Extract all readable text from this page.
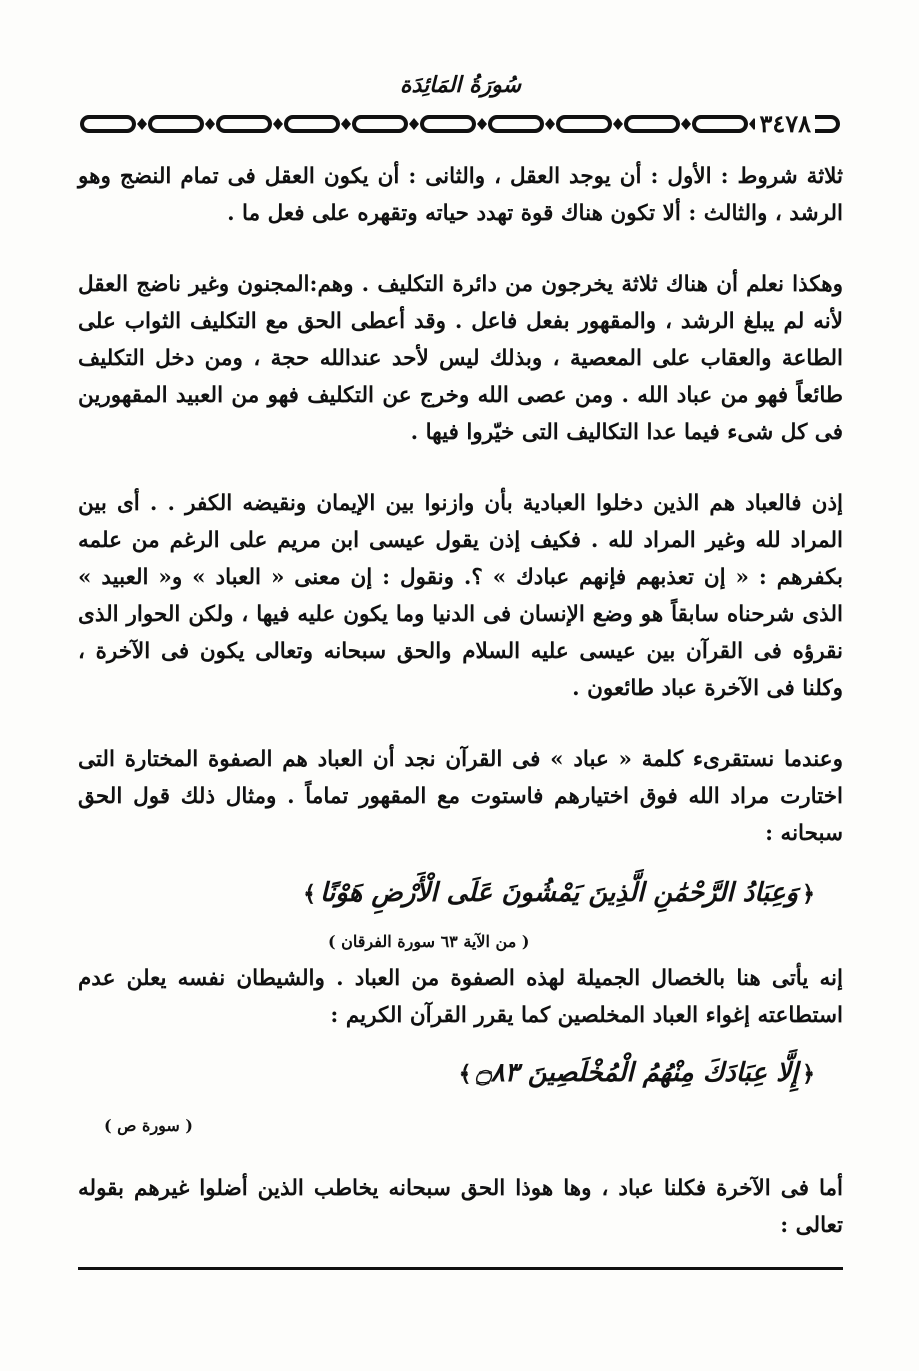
سُورَةُ المَائِدَة
٣٤٧٨

ثلاثة شروط : الأول : أن يوجد العقل ، والثانى : أن يكون العقل فى تمام النضج وهو الرشد ، والثالث : ألا تكون هناك قوة تهدد حياته وتقهره على فعل ما .

وهكذا نعلم أن هناك ثلاثة يخرجون من دائرة التكليف . وهم:المجنون وغير ناضج العقل لأنه لم يبلغ الرشد ، والمقهور بفعل فاعل . وقد أعطى الحق مع التكليف الثواب على الطاعة والعقاب على المعصية ، وبذلك ليس لأحد عندالله حجة ، ومن دخل التكليف طائعاً فهو من عباد الله . ومن عصى الله وخرج عن التكليف فهو من العبيد المقهورين فى كل شىء فيما عدا التكاليف التى خيّروا فيها .

إذن فالعباد هم الذين دخلوا العبادية بأن وازنوا بين الإيمان ونقيضه الكفر . . أى بين المراد لله وغير المراد لله . فكيف إذن يقول عيسى ابن مريم على الرغم من علمه بكفرهم : « إن تعذبهم فإنهم عبادك » ؟. ونقول : إن معنى « العباد » و« العبيد » الذى شرحناه سابقاً هو وضع الإنسان فى الدنيا وما يكون عليه فيها ، ولكن الحوار الذى نقرؤه فى القرآن بين عيسى عليه السلام والحق سبحانه وتعالى يكون فى الآخرة ، وكلنا فى الآخرة عباد طائعون .

وعندما نستقرىء كلمة « عباد » فى القرآن نجد أن العباد هم الصفوة المختارة التى اختارت مراد الله فوق اختيارهم فاستوت مع المقهور تماماً . ومثال ذلك قول الحق سبحانه :

﴿وَعِبَادُ الرَّحْمَٰنِ الَّذِينَ يَمْشُونَ عَلَى الْأَرْضِ هَوْنًا﴾
( من الآية ٦٣ سورة الفرقان )

إنه يأتى هنا بالخصال الجميلة لهذه الصفوة من العباد . والشيطان نفسه يعلن عدم استطاعته إغواء العباد المخلصين كما يقرر القرآن الكريم :

﴿إِلَّا عِبَادَكَ مِنْهُمُ الْمُخْلَصِينَ ۝٨٣﴾
( سورة ص )

أما فى الآخرة فكلنا عباد ، وها هوذا الحق سبحانه يخاطب الذين أضلوا غيرهم بقوله تعالى :
